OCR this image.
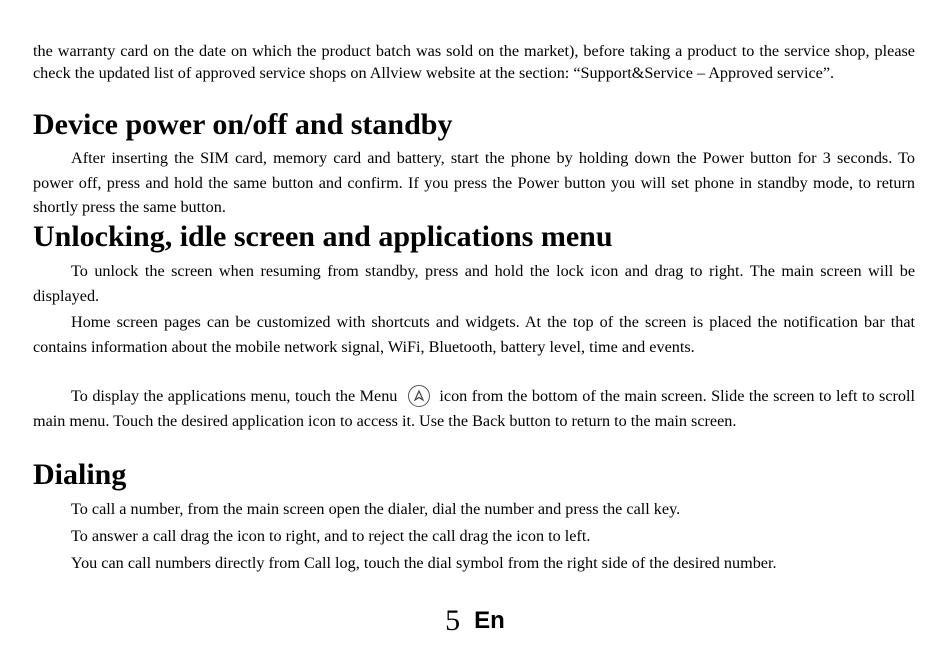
the warranty card on the date on which the product batch was sold on the market), before taking a product to the service shop, please check the updated list of approved service shops on Allview website at the section: “Support&Service – Approved service”.

Device power on/off and standby

After inserting the SIM card, memory card and battery, start the phone by holding down the Power button for 3 seconds. To power off, press and hold the same button and confirm. If you press the Power button you will set phone in standby mode, to return shortly press the same button.

Unlocking, idle screen and applications menu

To unlock the screen when resuming from standby, press and hold the lock icon and drag to right. The main screen will be displayed.

Home screen pages can be customized with shortcuts and widgets. At the top of the screen is placed the notification bar that contains information about the mobile network signal, WiFi, Bluetooth, battery level, time and events.

To display the applications menu, touch the Menu	icon from the bottom of the main screen. Slide the screen to left to scroll main menu. Touch the desired application icon to access it. Use the Back button to return to the main screen.

Dialing

To call a number, from the main screen open the dialer, dial the number and press the call key.

To answer a call drag the icon to right, and to reject the call drag the icon to left.

You can call numbers directly from Call log, touch the dial symbol from the right side of the desired number.

5 En
